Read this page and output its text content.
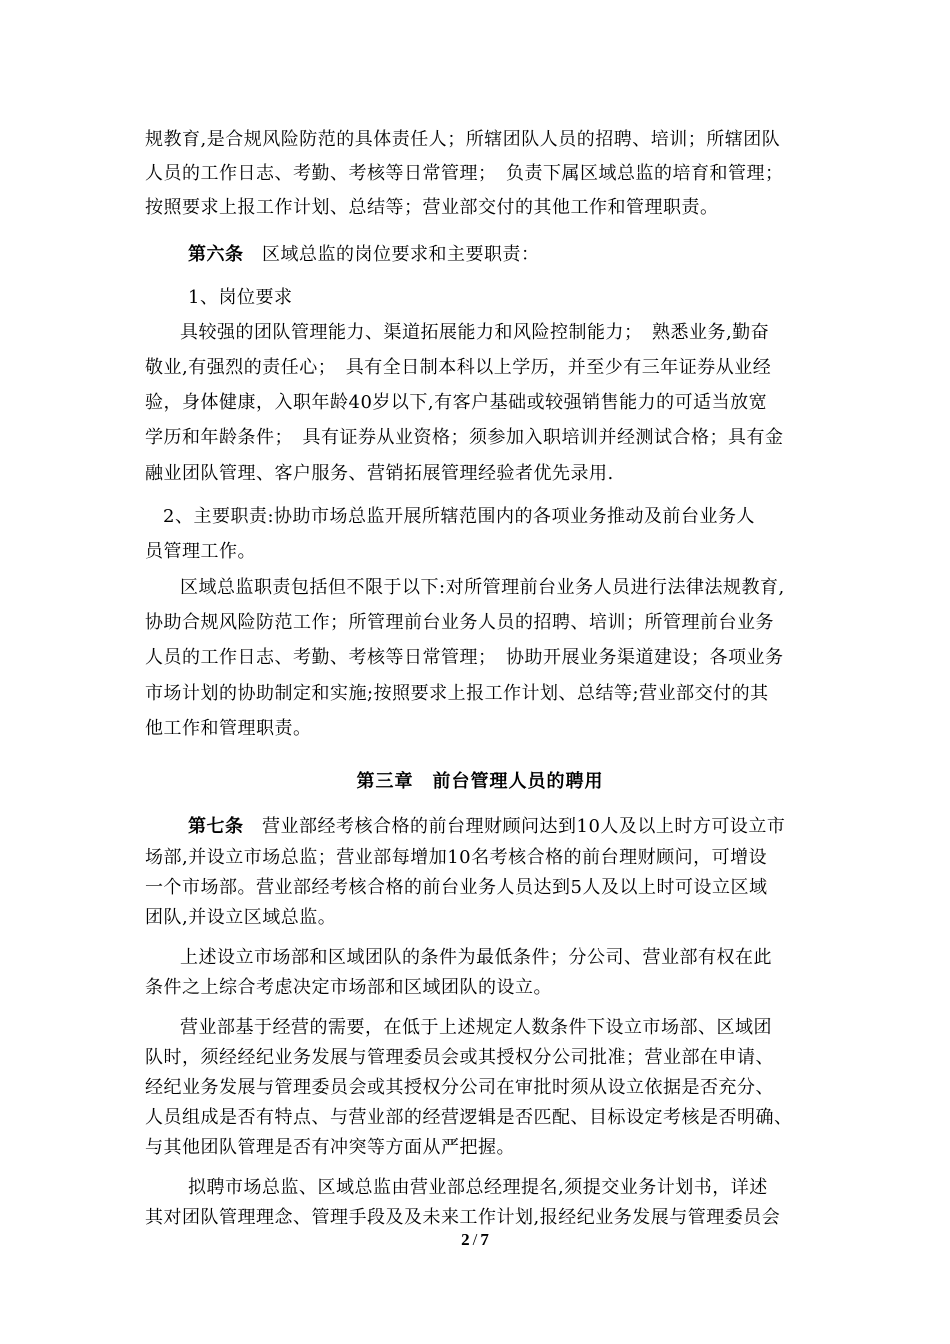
规教育,是合规风险防范的具体责任人；所辖团队人员的招聘、培训；所辖团队
人员的工作日志、考勤、考核等日常管理；　负责下属区域总监的培育和管理；
按照要求上报工作计划、总结等；营业部交付的其他工作和管理职责。
第六条　 区域总监的岗位要求和主要职责：
1、岗位要求
具较强的团队管理能力、渠道拓展能力和风险控制能力；　熟悉业务,勤奋
敬业,有强烈的责任心；　具有全日制本科以上学历，并至少有三年证券从业经
验，身体健康，入职年龄40岁以下,有客户基础或较强销售能力的可适当放宽
学历和年龄条件；　具有证券从业资格；须参加入职培训并经测试合格；具有金
融业团队管理、客户服务、营销拓展管理经验者优先录用.
2、主要职责:协助市场总监开展所辖范围内的各项业务推动及前台业务人
员管理工作。
区域总监职责包括但不限于以下:对所管理前台业务人员进行法律法规教育,
协助合规风险防范工作；所管理前台业务人员的招聘、培训；所管理前台业务
人员的工作日志、考勤、考核等日常管理；　协助开展业务渠道建设；各项业务
市场计划的协助制定和实施;按照要求上报工作计划、总结等;营业部交付的其
他工作和管理职责。
第三章　前台管理人员的聘用
第七条　 营业部经考核合格的前台理财顾问达到10人及以上时方可设立市
场部,并设立市场总监；营业部每增加10名考核合格的前台理财顾问，可增设
一个市场部。营业部经考核合格的前台业务人员达到5人及以上时可设立区域
团队,并设立区域总监。
上述设立市场部和区域团队的条件为最低条件；分公司、营业部有权在此
条件之上综合考虑决定市场部和区域团队的设立。
营业部基于经营的需要，在低于上述规定人数条件下设立市场部、区域团
队时，须经经纪业务发展与管理委员会或其授权分公司批准；营业部在申请、
经纪业务发展与管理委员会或其授权分公司在审批时须从设立依据是否充分、
人员组成是否有特点、与营业部的经营逻辑是否匹配、目标设定考核是否明确、
与其他团队管理是否有冲突等方面从严把握。
拟聘市场总监、区域总监由营业部总经理提名,须提交业务计划书，详述
其对团队管理理念、管理手段及及未来工作计划,报经纪业务发展与管理委员会
2 / 7
